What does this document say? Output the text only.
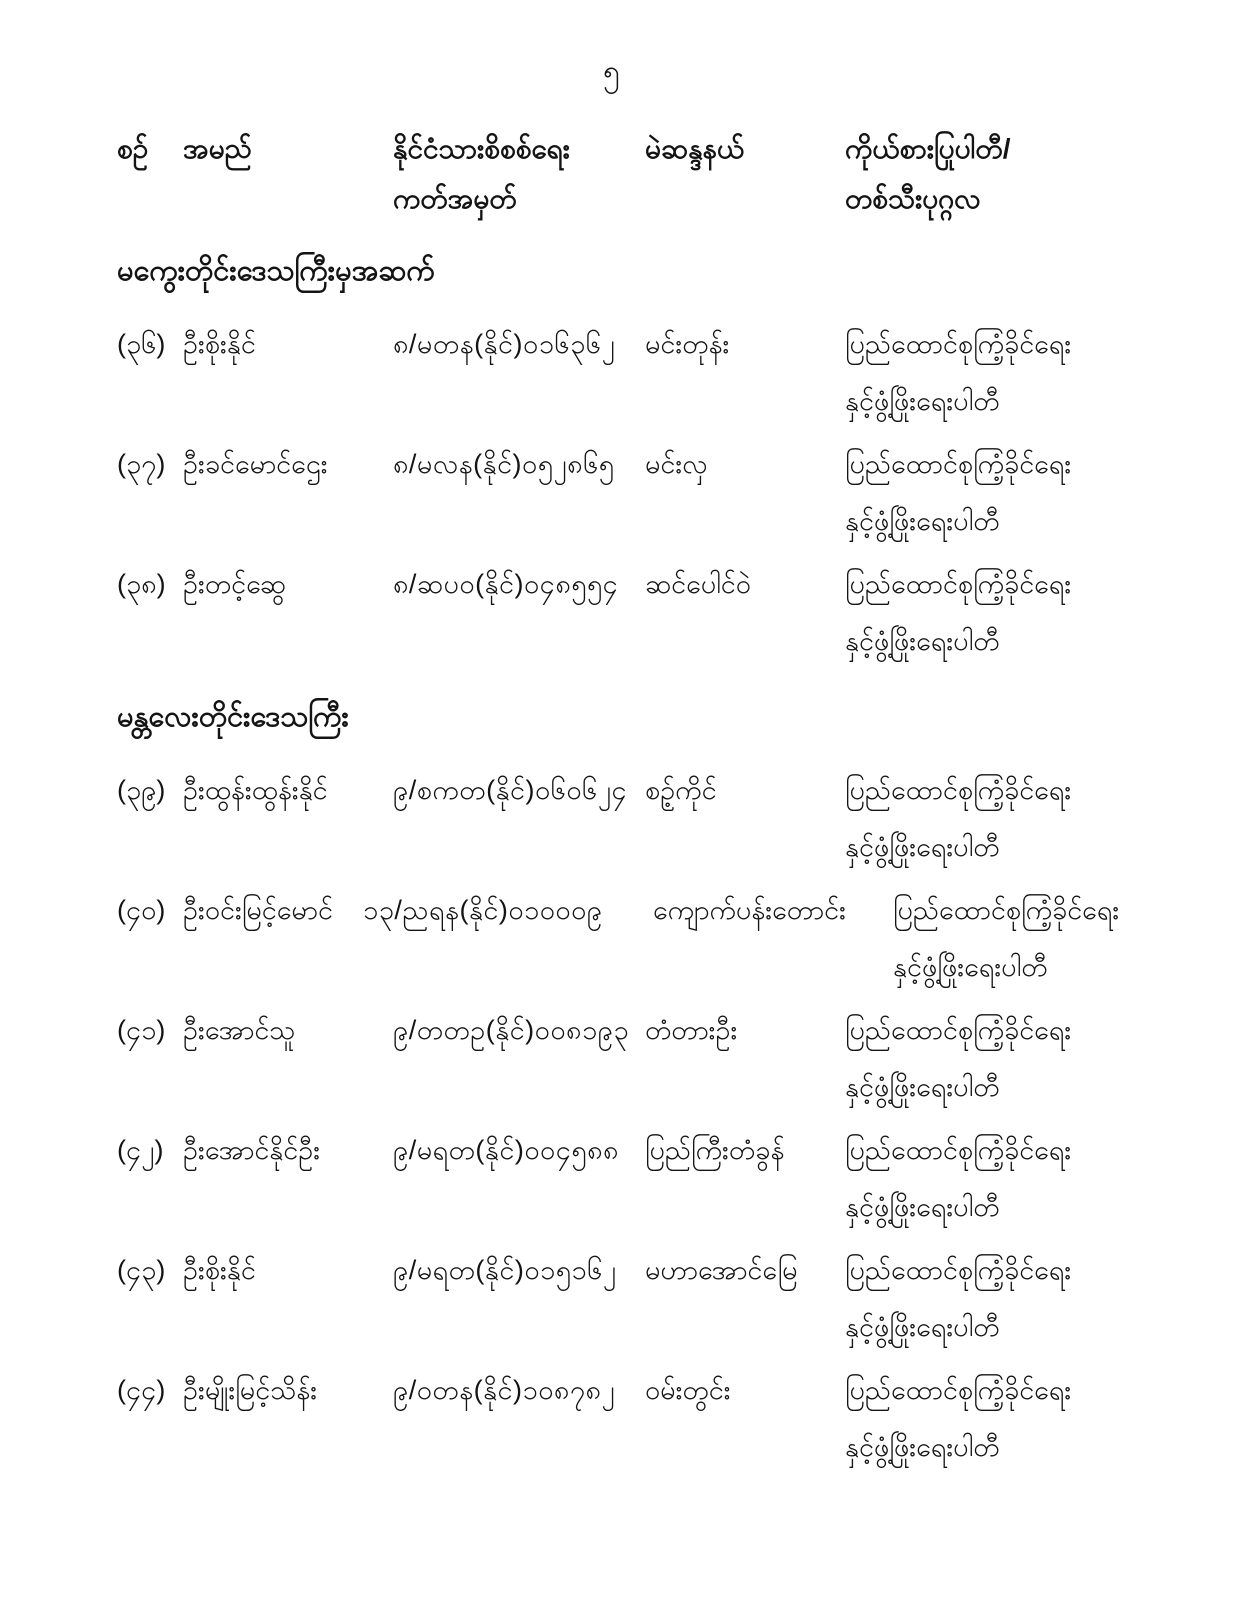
၅
စဉ်	အမည်	နိုင်ငံသားစိစစ်ရေး
ကတ်အမှတ်
မဲဆန္ဒနယ်	ကိုယ်စားပြုပါတီ/
တစ်သီးပုဂ္ဂလ
မကွေးတိုင်းဒေသကြီးမှအဆက်
(၃၆) ဦးစိုးနိုင်	၈/မတန(နိုင်)၀၁၆၃၆၂	မင်းတုန်း	ပြည်ထောင်စုကြံ့ခိုင်ရေး
နှင့်ဖွံ့ဖြိုးရေးပါတီ
(၃၇) ဦးခင်မောင်ဌေး	၈/မလန(နိုင်)၀၅၂၈၆၅	မင်းလှ	ပြည်ထောင်စုကြံ့ခိုင်ရေး
နှင့်ဖွံ့ဖြိုးရေးပါတီ
(၃၈) ဦးတင့်ဆွေ	၈/ဆပဝ(နိုင်)၀၄၈၅၅၄ ဆင်ပေါင်ဝဲ	ပြည်ထောင်စုကြံ့ခိုင်ရေး
နှင့်ဖွံ့ဖြိုးရေးပါတီ
မန္တလေးတိုင်းဒေသကြီး
(၃၉) ဦးထွန်းထွန်းနိုင်	၉/စကတ(နိုင်)၀၆၀၆၂၄ စဉ့်ကိုင်	ပြည်ထောင်စုကြံ့ခိုင်ရေး
နှင့်ဖွံ့ဖြိုးရေးပါတီ
(၄၀) ဦးဝင်းမြင့်မောင်	၁၃/ညရန(နိုင်)၀၁၀၀၀၉	ကျောက်ပန်းတောင်း	ပြည်ထောင်စုကြံ့ခိုင်ရေး
နှင့်ဖွံ့ဖြိုးရေးပါတီ
(၄၁) ဦးအောင်သူ	၉/တတဥ(နိုင်)၀၀၈၁၉၃ တံတားဦး	ပြည်ထောင်စုကြံ့ခိုင်ရေး
နှင့်ဖွံ့ဖြိုးရေးပါတီ
(၄၂) ဦးအောင်နိုင်ဦး	၉/မရတ(နိုင်)၀၀၄၅၈၈ ပြည်ကြီးတံခွန်	ပြည်ထောင်စုကြံ့ခိုင်ရေး
နှင့်ဖွံ့ဖြိုးရေးပါတီ
(၄၃) ဦးစိုးနိုင်	၉/မရတ(နိုင်)၀၁၅၁၆၂	မဟာအောင်မြေ	ပြည်ထောင်စုကြံ့ခိုင်ရေး
နှင့်ဖွံ့ဖြိုးရေးပါတီ
(၄၄) ဦးမျိုးမြင့်သိန်း	၉/ဝတန(နိုင်)၁၀၈၇၈၂	ဝမ်းတွင်း	ပြည်ထောင်စုကြံ့ခိုင်ရေး
နှင့်ဖွံ့ဖြိုးရေးပါတီ
